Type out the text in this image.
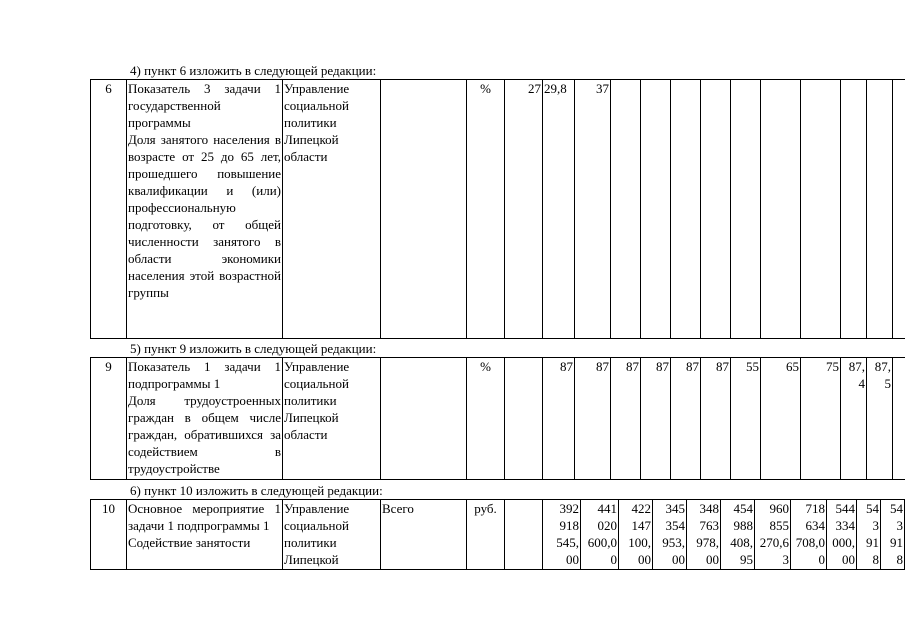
4) пункт 6 изложить в следующей редакции:
6	Показатель 3 задачи 1 государственной программы
Доля занятого населения в возрасте от 25 до 65 лет, прошедшего повышение квалификации и (или) профессиональную подготовку, от общей численности занятого в области экономики населения этой возрастной группы	Управление
социальной
политики
Липецкой
области		%	27	29,8	37										
5) пункт 9 изложить в следующей редакции:
9	Показатель 1 задачи 1 подпрограммы 1
Доля трудоустроенных граждан в общем числе граждан, обратившихся за содействием в трудоустройстве	Управление
социальной
политики
Липецкой
области		%		87	87	87	87	87	87	55	65	75	87,
4	87,
5	
6) пункт 10 изложить в следующей редакции:
10	Основное мероприятие 1 задачи 1 подпрограммы 1
Содействие занятости	Управление
социальной
политики
Липецкой	Всего	руб.		392
918
545,
00	441
020
600,0
0	422
147
100,
00	345
354
953,
00	348
763
978,
00	454
988
408,
95	960
855
270,6
3	718
634
708,0
0	544
334
000,
00	54
3
91
8	54
3
91
8
